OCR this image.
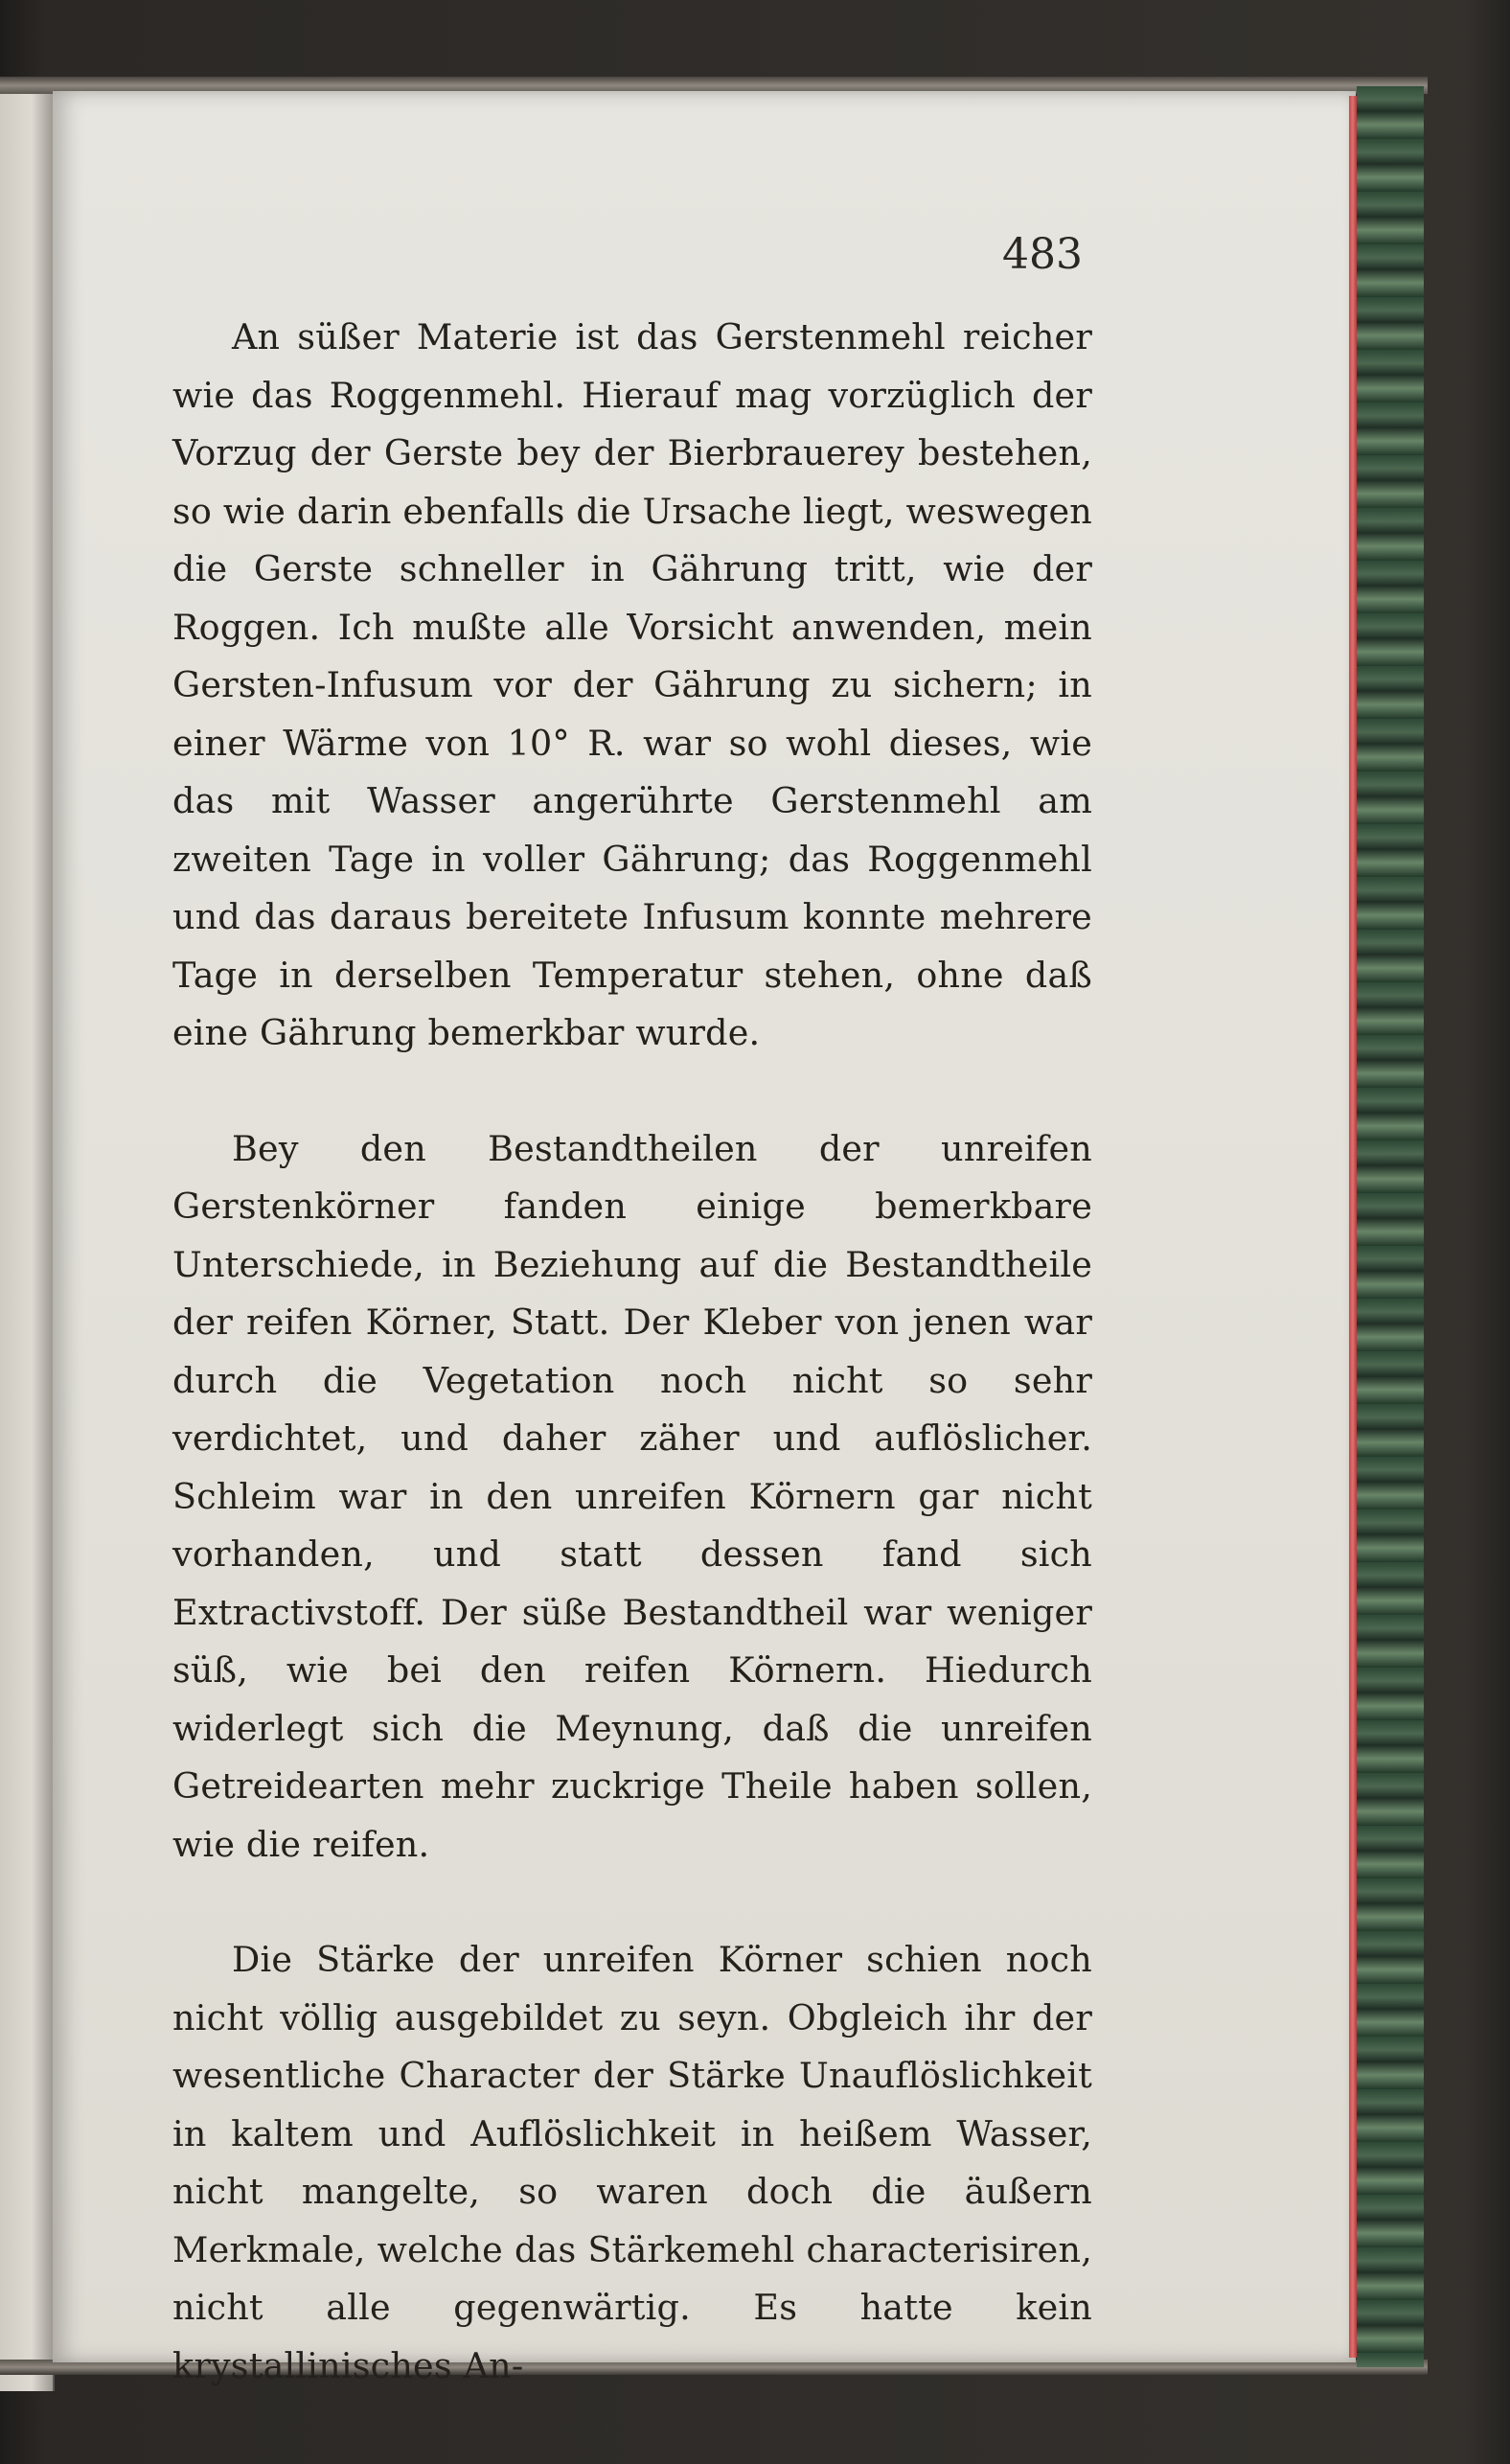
483

An süßer Materie ist das Gerstenmehl reicher wie das Roggenmehl. Hierauf mag vorzüglich der Vorzug der Gerste bey der Bierbrauerey bestehen, so wie darin ebenfalls die Ursache liegt, weswegen die Gerste schneller in Gährung tritt, wie der Roggen. Ich mußte alle Vorsicht anwenden, mein Gersten-Infusum vor der Gährung zu sichern; in einer Wärme von 10° R. war so wohl dieses, wie das mit Wasser angerührte Gerstenmehl am zweiten Tage in voller Gährung; das Roggenmehl und das daraus bereitete Infusum konnte mehrere Tage in derselben Temperatur stehen, ohne daß eine Gährung bemerkbar wurde.

Bey den Bestandtheilen der unreifen Gerstenkörner fanden einige bemerkbare Unterschiede, in Beziehung auf die Bestandtheile der reifen Körner, Statt. Der Kleber von jenen war durch die Vegetation noch nicht so sehr verdichtet, und daher zäher und auflöslicher. Schleim war in den unreifen Körnern gar nicht vorhanden, und statt dessen fand sich Extractivstoff. Der süße Bestandtheil war weniger süß, wie bei den reifen Körnern. Hiedurch widerlegt sich die Meynung, daß die unreifen Getreidearten mehr zuckrige Theile haben sollen, wie die reifen.

Die Stärke der unreifen Körner schien noch nicht völlig ausgebildet zu seyn. Obgleich ihr der wesentliche Character der Stärke Unauflöslichkeit in kaltem und Auflöslichkeit in heißem Wasser, nicht mangelte, so waren doch die äußern Merkmale, welche das Stärkemehl characterisiren, nicht alle gegenwärtig. Es hatte kein krystallinisches An-
